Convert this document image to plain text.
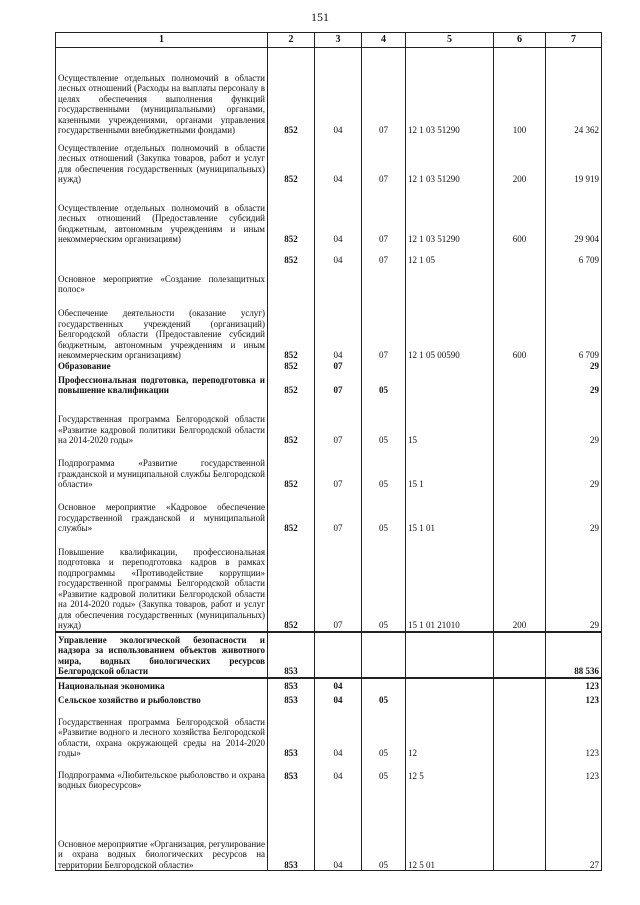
151
1	2	3	4	5	6	7

Осуществление отдельных полномочий в области лесных отношений (Расходы на выплаты персоналу в целях обеспечения выполнения функций государственными (муниципальными) органами, казенными учреждениями, органами управления государственными внебюджетными фондами)	852	04	07	12 1 03 51290	100	24 362

Осуществление отдельных полномочий в области лесных отношений (Закупка товаров, работ и услуг для обеспечения государственных (муниципальных) нужд)	852	04	07	12 1 03 51290	200	19 919

Осуществление отдельных полномочий в области лесных отношений (Предоставление субсидий бюджетным, автономным учреждениям и иным некоммерческим организациям)	852	04	07	12 1 03 51290	600	29 904

Основное мероприятие «Создание полезащитных полос»	852	04	07	12 1 05		6 709

Обеспечение деятельности (оказание услуг) государственных учреждений (организаций) Белгородской области (Предоставление субсидий бюджетным, автономным учреждениям и иным некоммерческим организациям)	852	04	07	12 1 05 00590	600	6 709

Образование	852	07				29

Профессиональная подготовка, переподготовка и повышение квалификации	852	07	05			29

Государственная программа Белгородской области «Развитие кадровой политики Белгородской области на 2014-2020 годы»	852	07	05	15		29

Подпрограмма «Развитие государственной гражданской и муниципальной службы Белгородской области»	852	07	05	15 1		29

Основное мероприятие «Кадровое обеспечение государственной гражданской и муниципальной службы»	852	07	05	15 1 01		29

Повышение квалификации, профессиональная подготовка и переподготовка кадров в рамках подпрограммы «Противодействие коррупции» государственной программы Белгородской области «Развитие кадровой политики Белгородской области на 2014-2020 годы» (Закупка товаров, работ и услуг для обеспечения государственных (муниципальных) нужд)	852	07	05	15 1 01 21010	200	29

Управление экологической безопасности и надзора за использованием объектов животного мира, водных биологических ресурсов Белгородской области	853					88 536

Национальная экономика	853	04				123

Сельское хозяйство и рыболовство	853	04	05			123

Государственная программа Белгородской области «Развитие водного и лесного хозяйства Белгородской области, охрана окружающей среды на 2014-2020 годы»	853	04	05	12		123

Подпрограмма «Любительское рыболовство и охрана водных биоресурсов»	853	04	05	12 5		123

Основное мероприятие «Организация, регулирование и охрана водных биологических ресурсов на территории Белгородской области»	853	04	05	12 5 01		27
